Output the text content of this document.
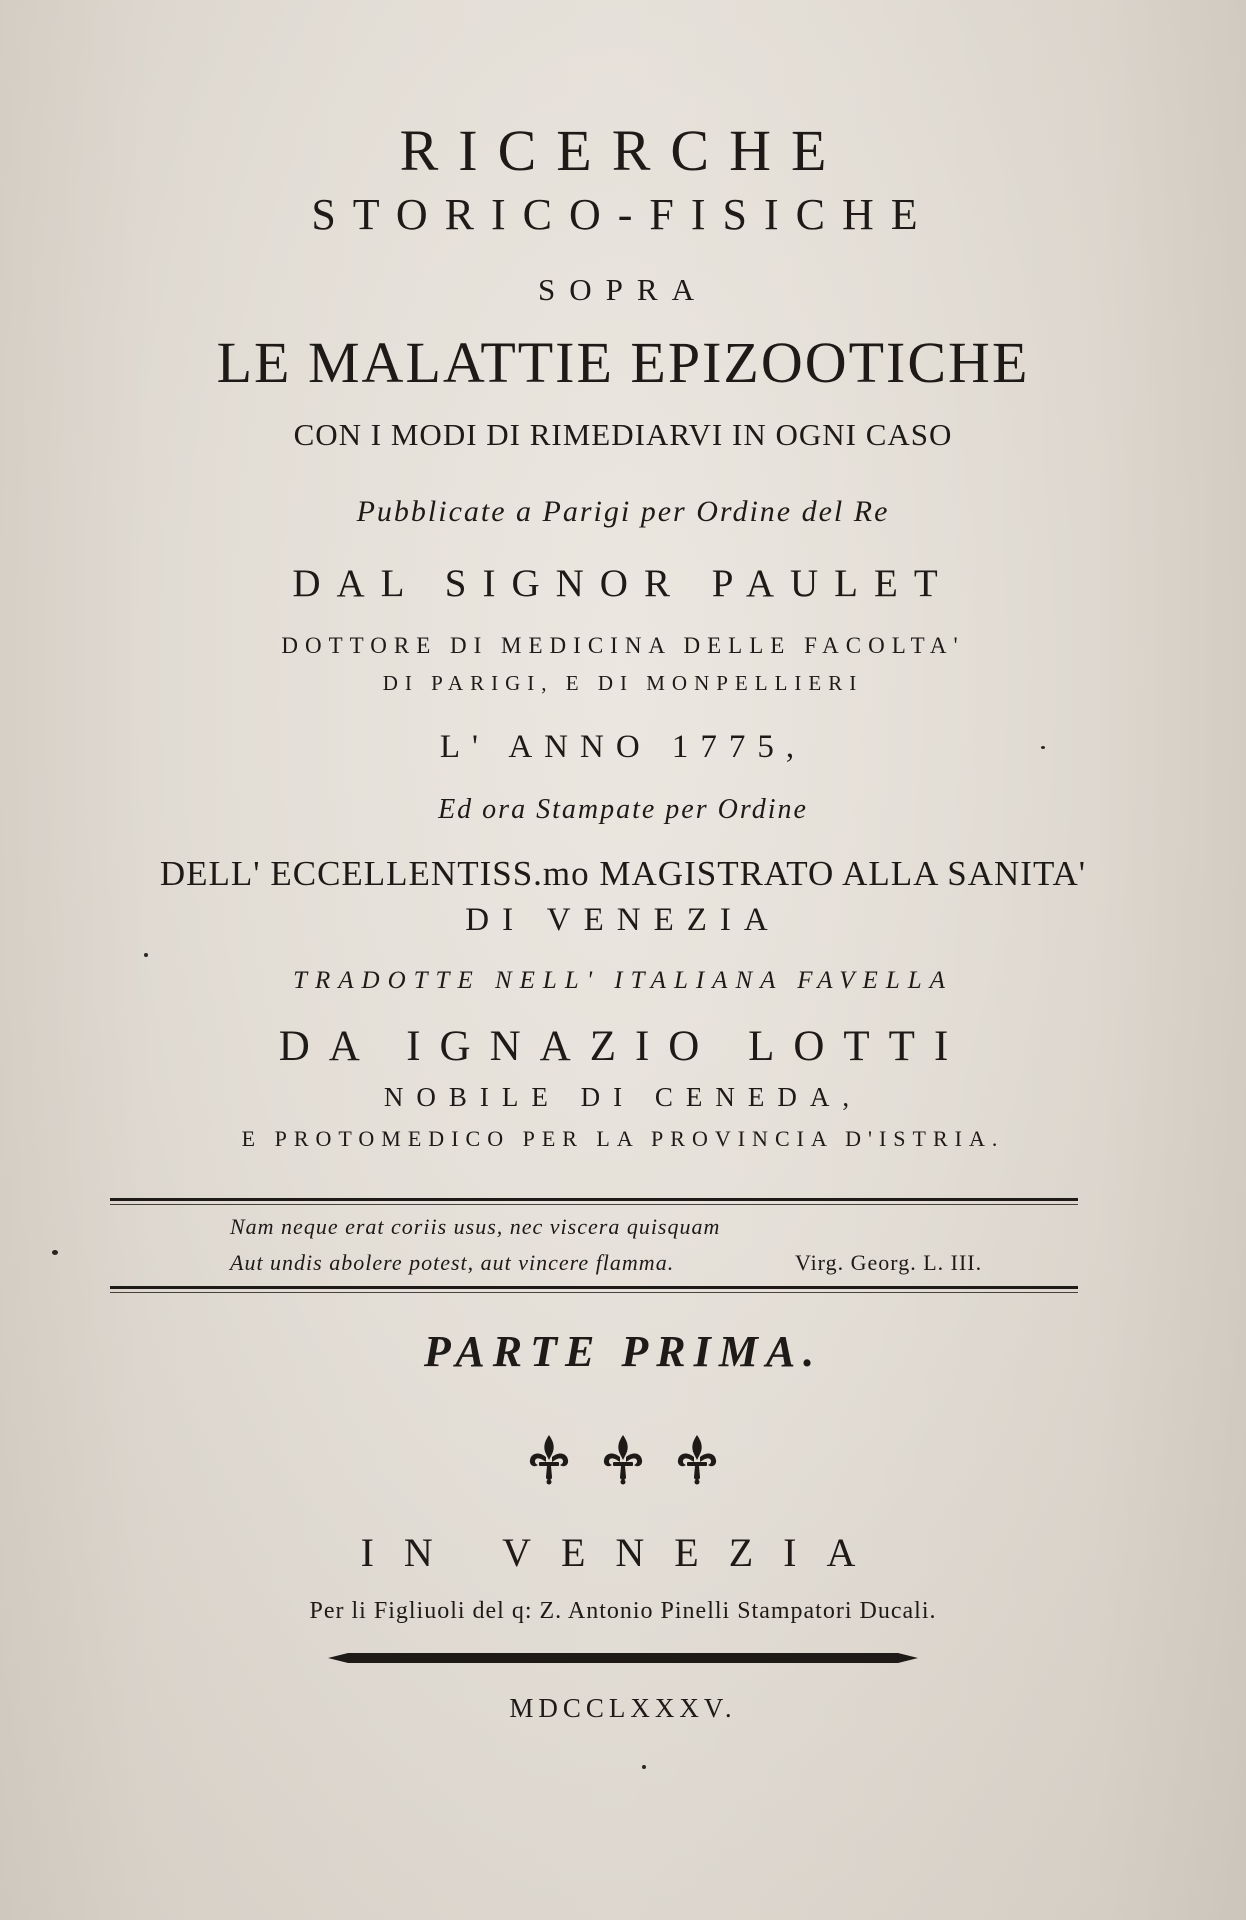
RICERCHE
STORICO-FISICHE
SOPRA
LE MALATTIE EPIZOOTICHE
CON I MODI DI RIMEDIARVI IN OGNI CASO
Pubblicate a Parigi per Ordine del Re
DAL SIGNOR PAULET
DOTTORE DI MEDICINA DELLE FACOLTA'
DI PARIGI, E DI MONPELLIERI
L' ANNO 1775,
Ed ora Stampate per Ordine
DELL' ECCELLENTISS.mo MAGISTRATO ALLA SANITA'
DI VENEZIA
TRADOTTE NELL' ITALIANA FAVELLA
DA IGNAZIO LOTTI
NOBILE DI CENEDA,
E PROTOMEDICO PER LA PROVINCIA D'ISTRIA.
Nam neque erat coriis usus, nec viscera quisquam
Aut undis abolere potest, aut vincere flamma.	Virg. Georg. L. III.
PARTE PRIMA.
IN VENEZIA
Per li Figliuoli del q: Z. Antonio Pinelli Stampatori Ducali.
MDCCLXXXV.
